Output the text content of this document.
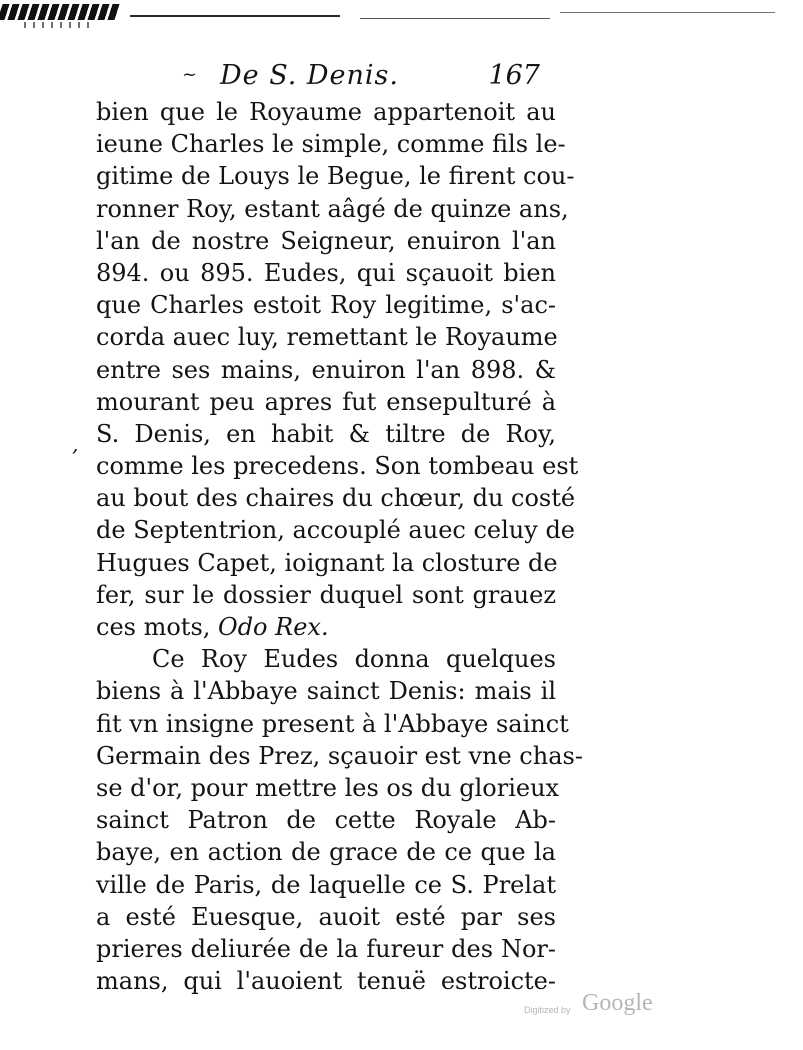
~ De S. Denis.	167
,
bien que le Royaume appartenoit au
ieune Charles le simple, comme fils le-
gitime de Louys le Begue, le firent cou-
ronner Roy, estant aâgé de quinze ans,
l'an de nostre Seigneur, enuiron l'an
894. ou 895. Eudes, qui sçauoit bien
que Charles estoit Roy legitime, s'ac-
corda auec luy, remettant le Royaume
entre ses mains, enuiron l'an 898. &
mourant peu apres fut ensepulturé à
S. Denis, en habit & tiltre de Roy,
comme les precedens. Son tombeau est
au bout des chaires du chœur, du costé
de Septentrion, accouplé auec celuy de
Hugues Capet, ioignant la closture de
fer, sur le dossier duquel sont grauez
ces mots, Odo Rex.
Ce Roy Eudes donna quelques
biens à l'Abbaye sainct Denis: mais il
fit vn insigne present à l'Abbaye sainct
Germain des Prez, sçauoir est vne chas-
se d'or, pour mettre les os du glorieux
sainct Patron de cette Royale Ab-
baye, en action de grace de ce que la
ville de Paris, de laquelle ce S. Prelat
a esté Euesque, auoit esté par ses
prieres deliurée de la fureur des Nor-
mans, qui l'auoient tenuë estroicte-
Digitized by Google
